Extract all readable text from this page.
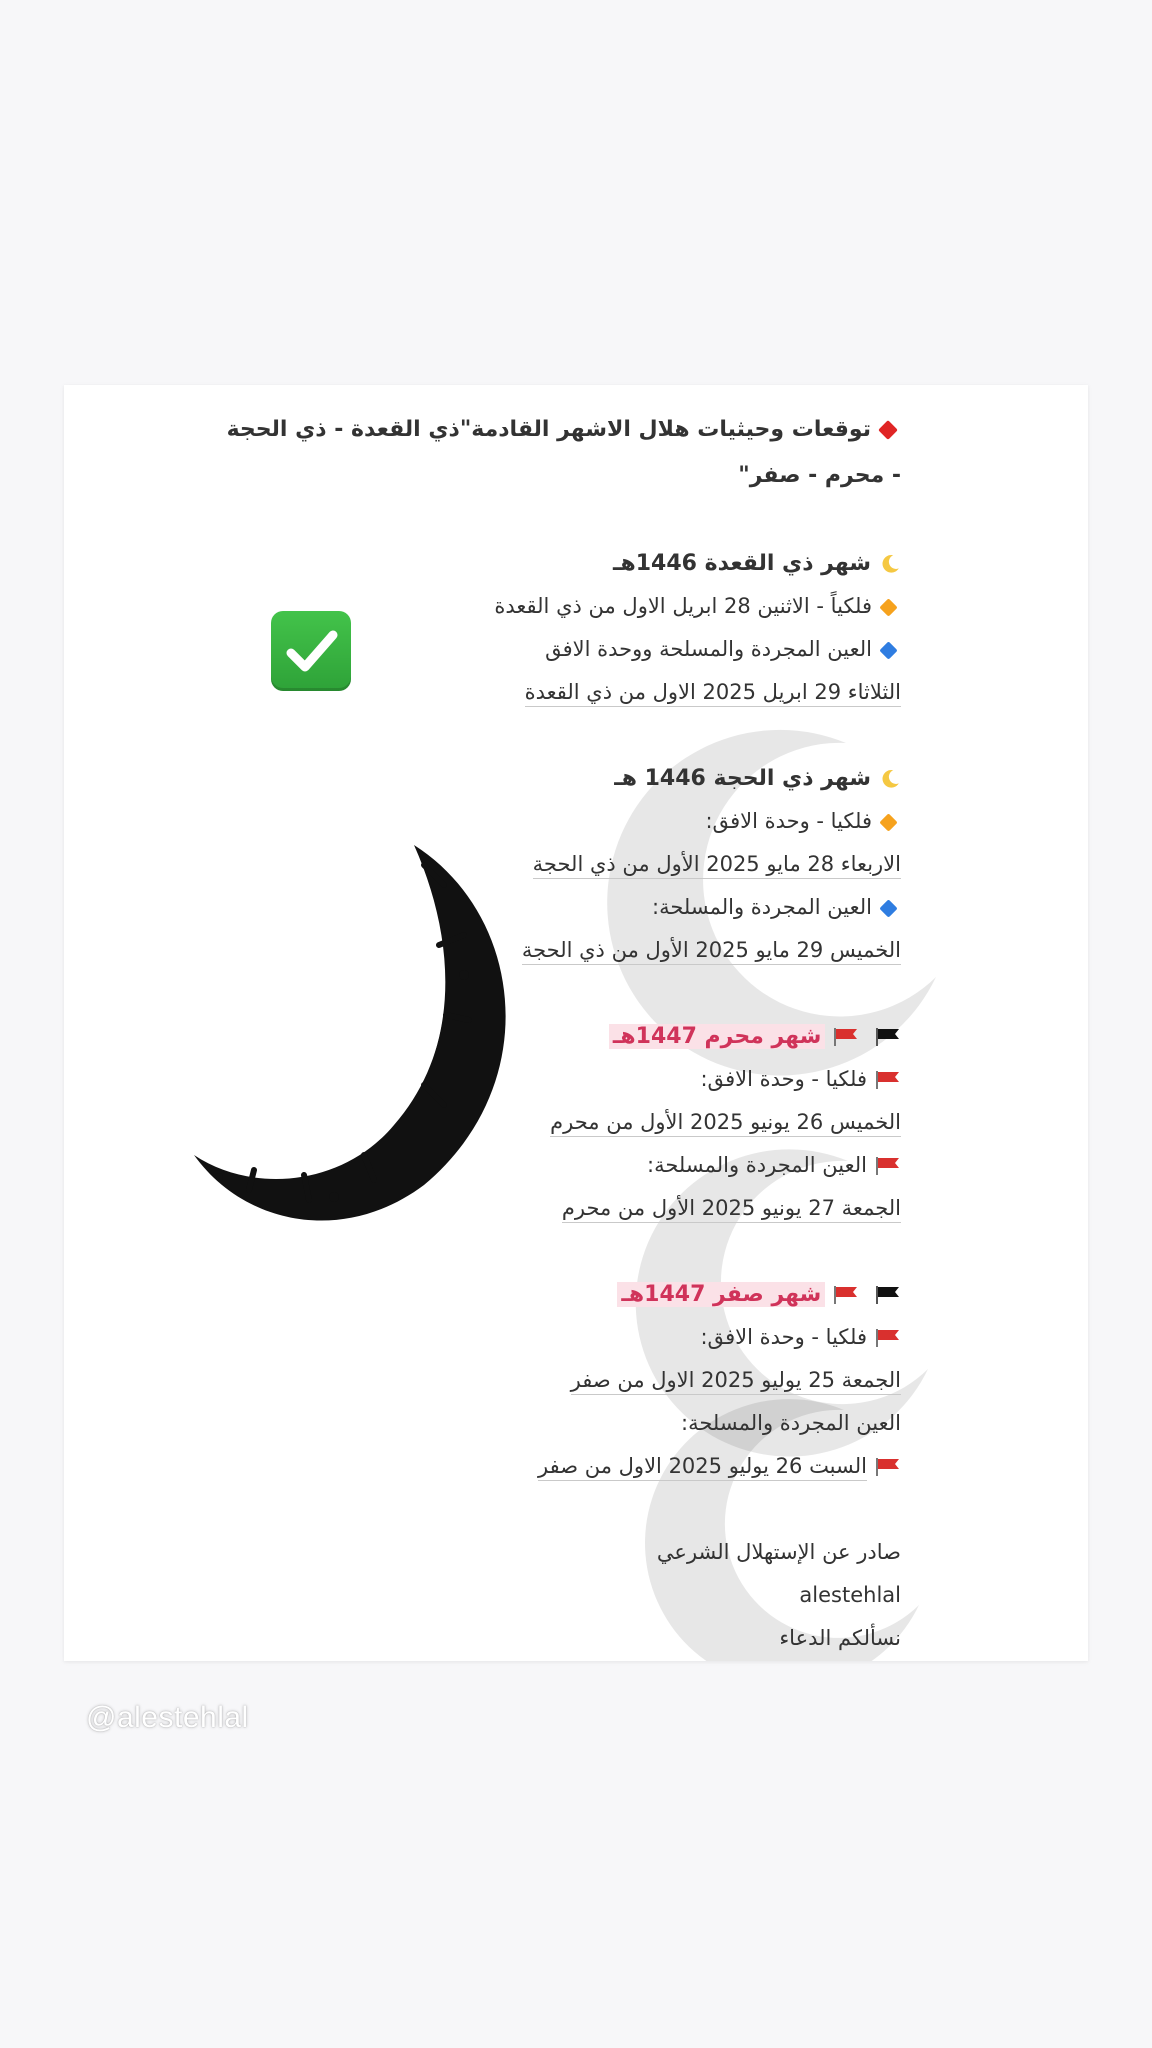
توقعات وحيثيات هلال الاشهر القادمة"ذي القعدة - ذي الحجة
- محرم - صفر"
شهر ذي القعدة 1446هـ
فلكياً - الاثنين 28 ابريل الاول من ذي القعدة
العين المجردة والمسلحة ووحدة الافق
الثلاثاء 29 ابريل 2025 الاول من ذي القعدة
شهر ذي الحجة 1446 هـ
فلكيا - وحدة الافق:
الاربعاء 28 مايو 2025 الأول من ذي الحجة
العين المجردة والمسلحة:
الخميس 29 مايو 2025 الأول من ذي الحجة
شهر محرم 1447هـ
فلكيا - وحدة الافق:
الخميس 26 يونيو 2025 الأول من محرم
العين المجردة والمسلحة:
الجمعة 27 يونيو 2025 الأول من محرم
شهر صفر 1447هـ
فلكيا - وحدة الافق:
الجمعة 25 يوليو 2025 الاول من صفر
العين المجردة والمسلحة:
السبت 26 يوليو 2025 الاول من صفر
صادر عن الإستهلال الشرعي
alestehlal
نسألكم الدعاء
@alestehlal
